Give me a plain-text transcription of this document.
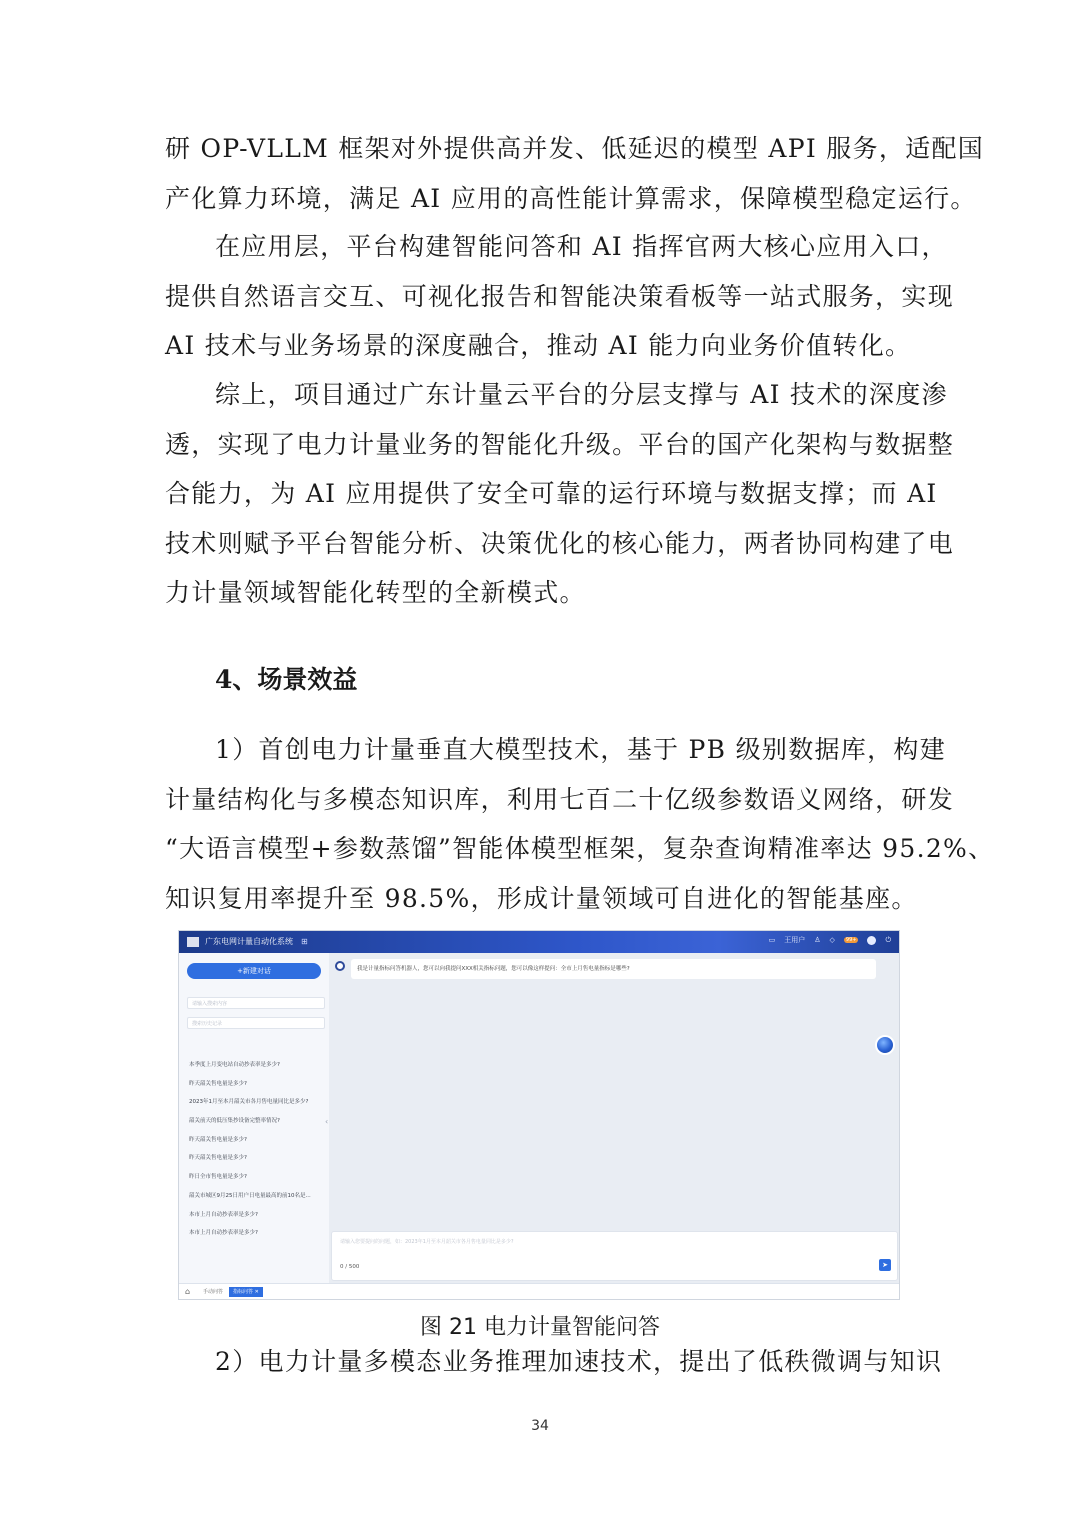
研 OP-VLLM 框架对外提供高并发、低延迟的模型 API 服务，适配国
产化算力环境，满足 AI 应用的高性能计算需求，保障模型稳定运行。
在应用层，平台构建智能问答和 AI 指挥官两大核心应用入口，
提供自然语言交互、可视化报告和智能决策看板等一站式服务，实现
AI 技术与业务场景的深度融合，推动 AI 能力向业务价值转化。
综上，项目通过广东计量云平台的分层支撑与 AI 技术的深度渗
透，实现了电力计量业务的智能化升级。平台的国产化架构与数据整
合能力，为 AI 应用提供了安全可靠的运行环境与数据支撑；而 AI
技术则赋予平台智能分析、决策优化的核心能力，两者协同构建了电
力计量领域智能化转型的全新模式。
4、场景效益
1）首创电力计量垂直大模型技术，基于 PB 级别数据库，构建
计量结构化与多模态知识库，利用七百二十亿级参数语义网络，研发
“大语言模型+参数蒸馏”智能体模型框架，复杂查询精准率达 95.2%、
知识复用率提升至 98.5%，形成计量领域可自进化的智能基座。
广东电网计量自动化系统 ⊞	▭ 王用户 ♙ ◇	99+	⏻
+新建对话
请输入搜索内容
搜索历史记录
本季度上月变电站自动抄表率是多少?
昨天韶关售电量是多少?
2023年1月至本月韶关市各月售电量同比是多少?
韶关前天的低压集抄设备完整率情况?
昨天韶关售电量是多少?
昨天韶关售电量是多少?
昨日全市售电量是多少?
韶关市城区9月25日用户日电量最高的前10名是...
本市上月自动抄表率是多少?
本市上月自动抄表率是多少?
‹
我是计量指标问答机器人，您可以向我提问XXX相关指标问题，您可以像这样提问：全市上月售电量指标是哪些?
请输入您要提问的问题，如：2023年1月至本月韶关市各月售电量同比是多少?
0 / 500	➤
⌂	手动问答	指标问答 ✕

图 21 电力计量智能问答

2）电力计量多模态业务推理加速技术，提出了低秩微调与知识

34
